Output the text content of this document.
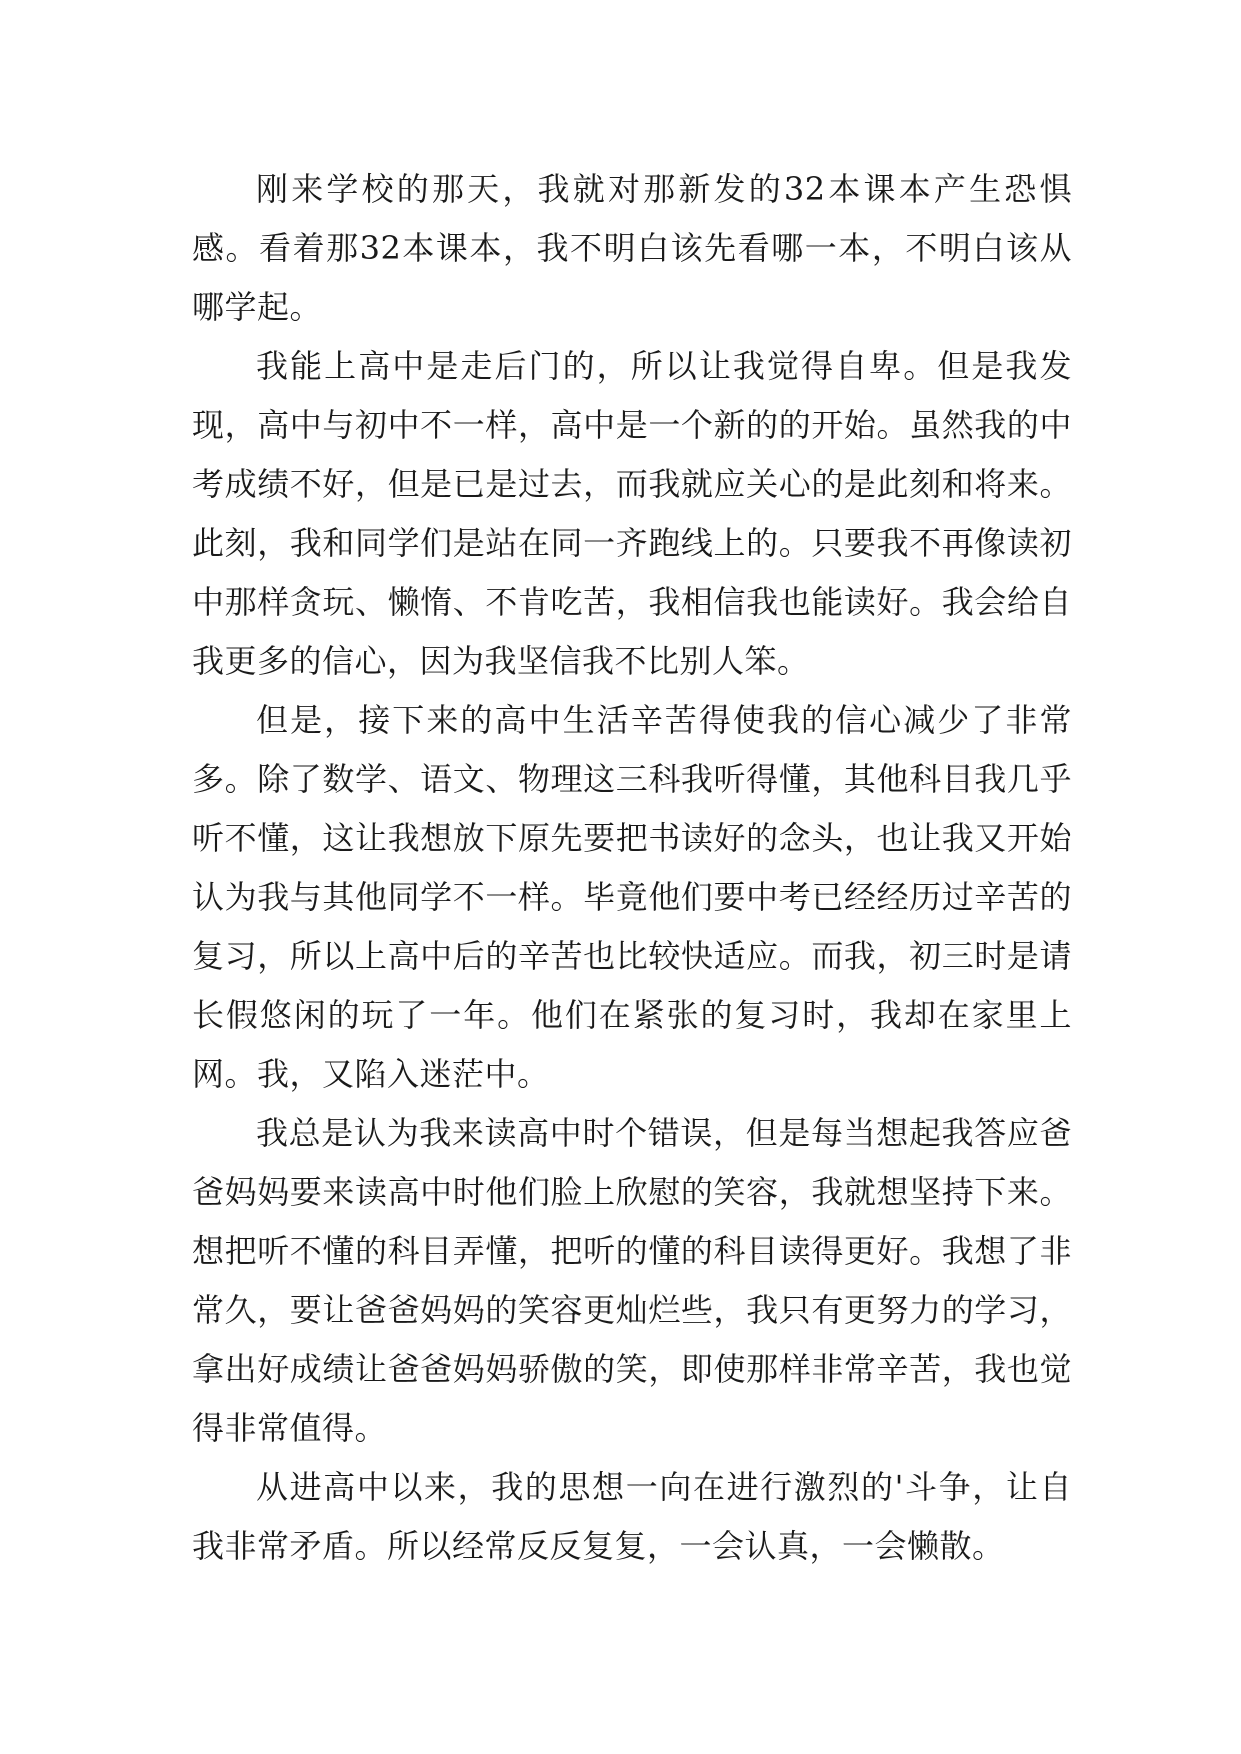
刚来学校的那天，我就对那新发的32本课本产生恐惧感。看着那32本课本，我不明白该先看哪一本，不明白该从哪学起。

我能上高中是走后门的，所以让我觉得自卑。但是我发现，高中与初中不一样，高中是一个新的的开始。虽然我的中考成绩不好，但是已是过去，而我就应关心的是此刻和将来。此刻，我和同学们是站在同一齐跑线上的。只要我不再像读初中那样贪玩、懒惰、不肯吃苦，我相信我也能读好。我会给自我更多的信心，因为我坚信我不比别人笨。

但是，接下来的高中生活辛苦得使我的信心减少了非常多。除了数学、语文、物理这三科我听得懂，其他科目我几乎听不懂，这让我想放下原先要把书读好的念头，也让我又开始认为我与其他同学不一样。毕竟他们要中考已经经历过辛苦的复习，所以上高中后的辛苦也比较快适应。而我，初三时是请长假悠闲的玩了一年。他们在紧张的复习时，我却在家里上网。我，又陷入迷茫中。

我总是认为我来读高中时个错误，但是每当想起我答应爸爸妈妈要来读高中时他们脸上欣慰的笑容，我就想坚持下来。想把听不懂的科目弄懂，把听的懂的科目读得更好。我想了非常久，要让爸爸妈妈的笑容更灿烂些，我只有更努力的学习，拿出好成绩让爸爸妈妈骄傲的笑，即使那样非常辛苦，我也觉得非常值得。

从进高中以来，我的思想一向在进行激烈的'斗争，让自我非常矛盾。所以经常反反复复，一会认真，一会懒散。
